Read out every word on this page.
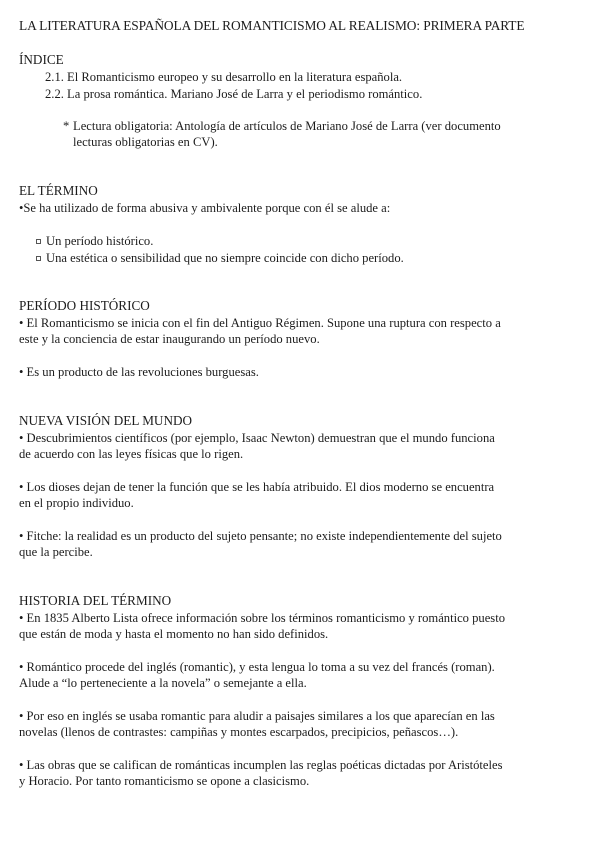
LA LITERATURA ESPAÑOLA DEL ROMANTICISMO AL REALISMO: PRIMERA PARTE
ÍNDICE
2.1. El Romanticismo europeo y su desarrollo en la literatura española.
2.2. La prosa romántica. Mariano José de Larra y el periodismo romántico.
* Lectura obligatoria: Antología de artículos de Mariano José de Larra (ver documento
lecturas obligatorias en CV).
EL TÉRMINO
•Se ha utilizado de forma abusiva y ambivalente porque con él se alude a:
Un período histórico.
Una estética o sensibilidad que no siempre coincide con dicho período.
PERÍODO HISTÓRICO
• El Romanticismo se inicia con el fin del Antiguo Régimen. Supone una ruptura con respecto a
este y la conciencia de estar inaugurando un período nuevo.
• Es un producto de las revoluciones burguesas.
NUEVA VISIÓN DEL MUNDO
• Descubrimientos científicos (por ejemplo, Isaac Newton) demuestran que el mundo funciona
de acuerdo con las leyes físicas que lo rigen.
• Los dioses dejan de tener la función que se les había atribuido. El dios moderno se encuentra
en el propio individuo.
• Fitche: la realidad es un producto del sujeto pensante; no existe independientemente del sujeto
que la percibe.
HISTORIA DEL TÉRMINO
• En 1835 Alberto Lista ofrece información sobre los términos romanticismo y romántico puesto
que están de moda y hasta el momento no han sido definidos.
• Romántico procede del inglés (romantic), y esta lengua lo toma a su vez del francés (roman).
Alude a “lo perteneciente a la novela” o semejante a ella.
• Por eso en inglés se usaba romantic para aludir a paisajes similares a los que aparecían en las
novelas (llenos de contrastes: campiñas y montes escarpados, precipicios, peñascos…).
• Las obras que se califican de románticas incumplen las reglas poéticas dictadas por Aristóteles
y Horacio. Por tanto romanticismo se opone a clasicismo.
